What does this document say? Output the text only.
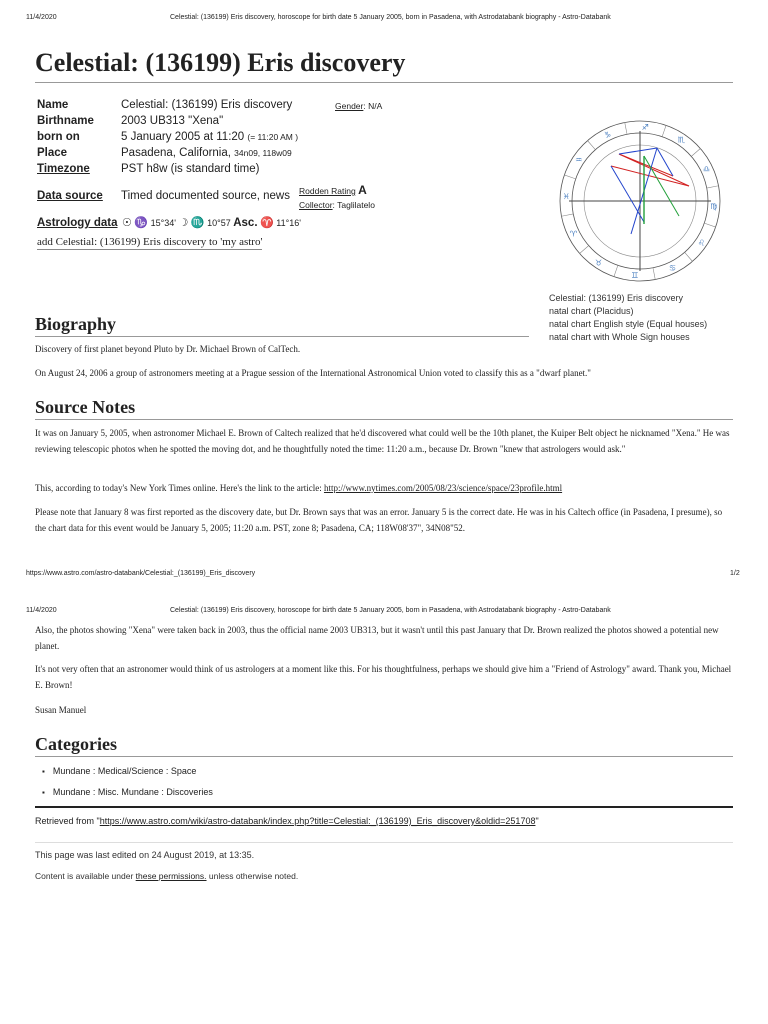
11/4/2020	Celestial: (136199) Eris discovery, horoscope for birth date 5 January 2005, born in Pasadena, with Astrodatabank biography - Astro-Databank
Celestial: (136199) Eris discovery
Name	Celestial: (136199) Eris discovery	Gender: N/A
Birthname 2003 UB313 "Xena"
born on	5 January 2005 at 11:20 (= 11:20 AM )
Place	Pasadena, California, 34n09, 118w09
Timezone	PST h8w (is standard time)
Data source Timed documented source, news Rodden Rating A
Collector: Taglilatelo
Astrology data ☉ ♑ 15°34' ☽ ♏ 10°57 Asc. ♈ 11°16'
add Celestial: (136199) Eris discovery to 'my astro'
♈
♉
♊
♋
♌
♍
♎
♏
♐
♑
♒
♓
Celestial: (136199) Eris discovery
natal chart (Placidus)
natal chart English style (Equal houses)
natal chart with Whole Sign houses
Biography

Discovery of first planet beyond Pluto by Dr. Michael Brown of CalTech.

On August 24, 2006 a group of astronomers meeting at a Prague session of the International Astronomical Union voted to classify this as a "dwarf planet."

Source Notes

It was on January 5, 2005, when astronomer Michael E. Brown of Caltech realized that he'd discovered what could well be the 10th planet, the Kuiper Belt object he nicknamed "Xena." He was reviewing telescopic photos when he spotted the moving dot, and he thoughtfully noted the time: 11:20 a.m., because Dr. Brown "knew that astrologers would ask."

This, according to today's New York Times online. Here's the link to the article: http://www.nytimes.com/2005/08/23/science/space/23profile.html

Please note that January 8 was first reported as the discovery date, but Dr. Brown says that was an error. January 5 is the correct date. He was in his Caltech office (in Pasadena, I presume), so the chart data for this event would be January 5, 2005; 11:20 a.m. PST, zone 8; Pasadena, CA; 118W08'37", 34N08"52.

https://www.astro.com/astro-databank/Celestial:_(136199)_Eris_discovery	1/2
11/4/2020	Celestial: (136199) Eris discovery, horoscope for birth date 5 January 2005, born in Pasadena, with Astrodatabank biography - Astro-Databank

Also, the photos showing "Xena" were taken back in 2003, thus the official name 2003 UB313, but it wasn't until this past January that Dr. Brown realized the photos showed a potential new planet.

It's not very often that an astronomer would think of us astrologers at a moment like this. For his thoughtfulness, perhaps we should give him a "Friend of Astrology" award. Thank you, Michael E. Brown!

Susan Manuel

Categories
▪ Mundane : Medical/Science : Space
▪ Mundane : Misc. Mundane : Discoveries
Retrieved from "https://www.astro.com/wiki/astro-databank/index.php?title=Celestial:_(136199)_Eris_discovery&oldid=251708"
This page was last edited on 24 August 2019, at 13:35.
Content is available under these permissions. unless otherwise noted.
